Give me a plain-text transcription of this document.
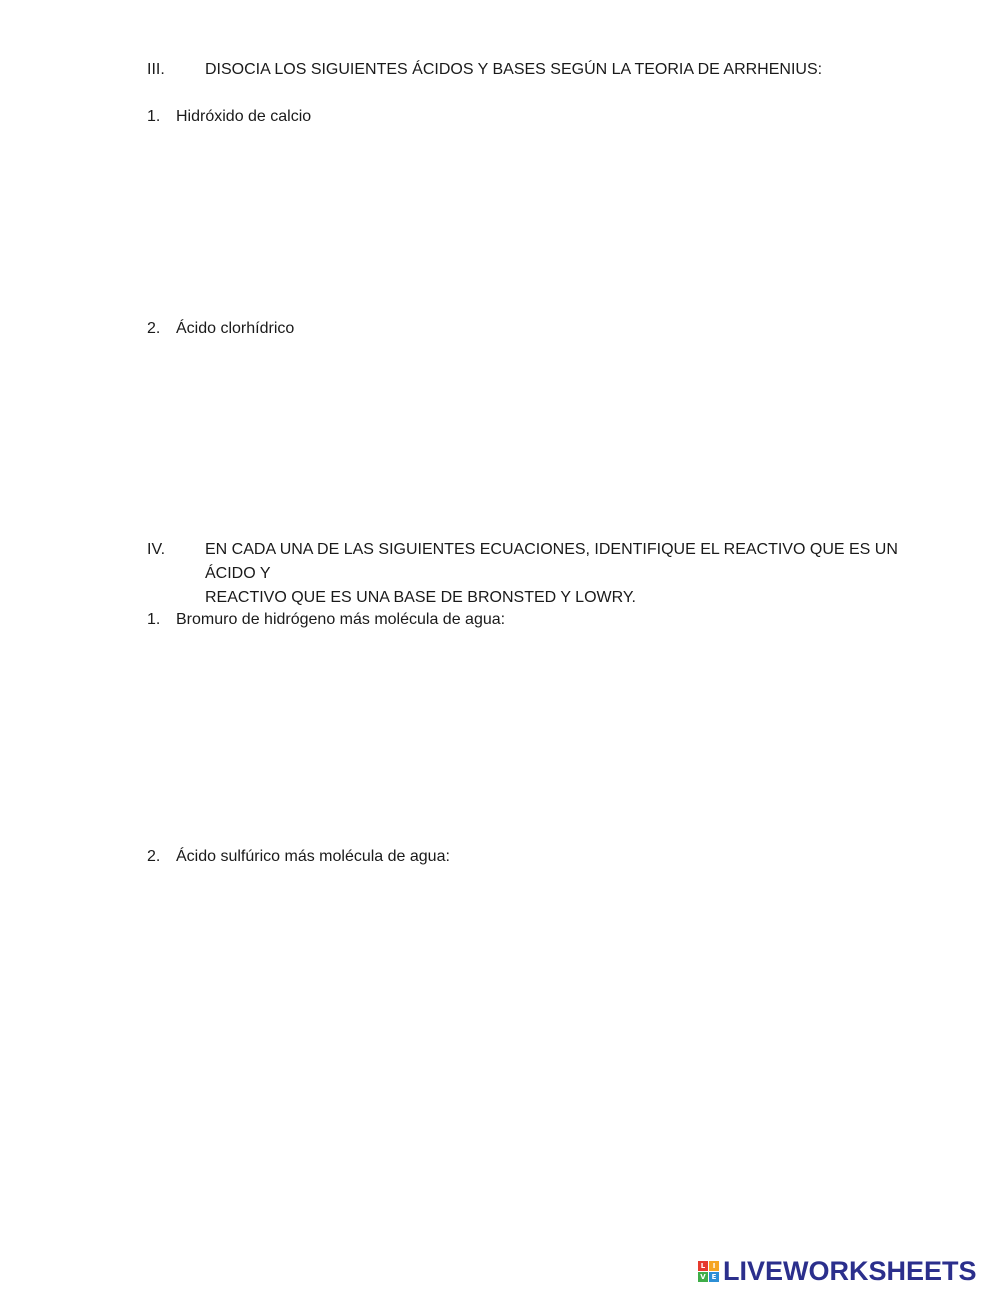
III.	DISOCIA LOS SIGUIENTES ÁCIDOS Y BASES SEGÚN LA TEORIA DE ARRHENIUS:
1. Hidróxido de calcio
2. Ácido clorhídrico
IV.	EN CADA UNA DE LAS SIGUIENTES ECUACIONES, IDENTIFIQUE EL REACTIVO QUE ES UN ÁCIDO Y
REACTIVO QUE ES UNA BASE DE BRONSTED Y LOWRY.
1. Bromuro de hidrógeno más molécula de agua:
2. Ácido sulfúrico más molécula de agua:
L	I
V E LIVEWORKSHEETS
